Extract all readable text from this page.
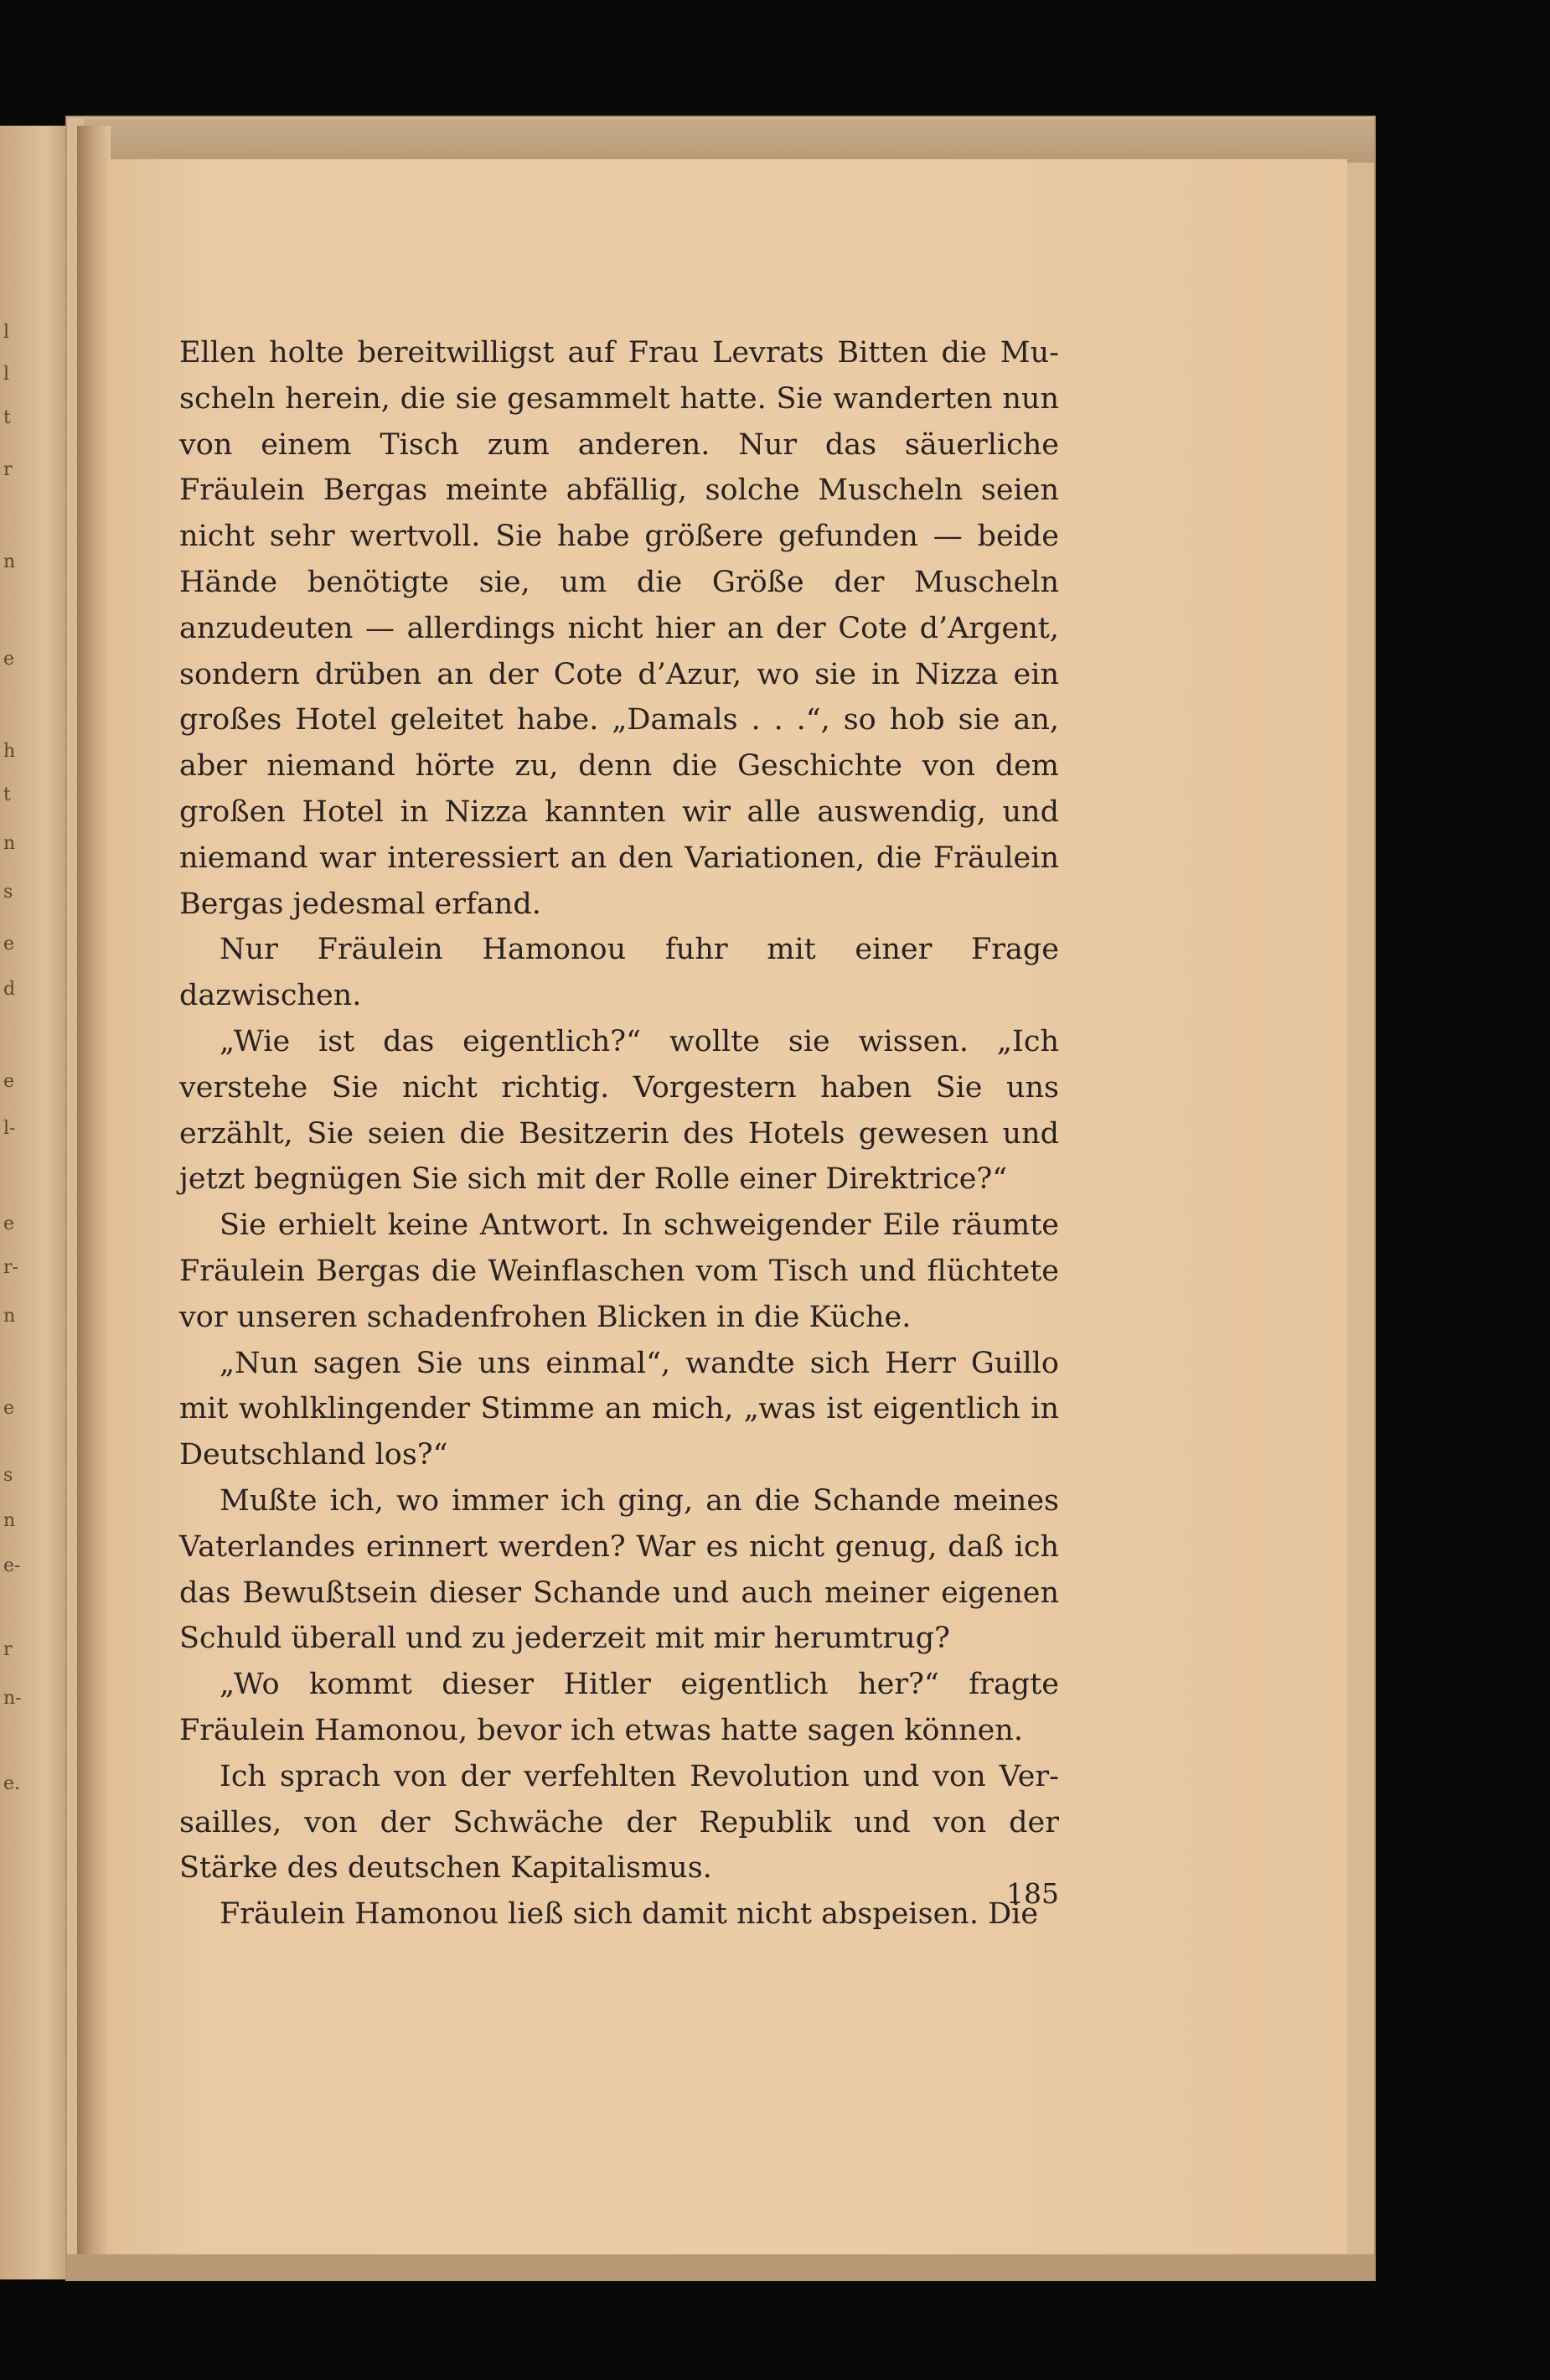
l
l
t
r
n
e
h
t
n
s
e
d
e
l-
e
r-
n
e
s
n
e-
r
n-
e.

Ellen holte bereitwilligst auf Frau Levrats Bitten die Muscheln herein, die sie gesammelt hatte. Sie wanderten nun von einem Tisch zum anderen. Nur das säuerliche Fräulein Bergas meinte abfällig, solche Muscheln seien nicht sehr wertvoll. Sie habe größere gefunden — beide Hände benötigte sie, um die Größe der Muscheln anzudeuten — allerdings nicht hier an der Cote d’Argent, sondern drüben an der Cote d’Azur, wo sie in Nizza ein großes Hotel geleitet habe. „Damals . . .“, so hob sie an, aber niemand hörte zu, denn die Geschichte von dem großen Hotel in Nizza kannten wir alle auswendig, und niemand war interessiert an den Variationen, die Fräulein Bergas jedesmal erfand.

Nur Fräulein Hamonou fuhr mit einer Frage dazwischen.

„Wie ist das eigentlich?“ wollte sie wissen. „Ich verstehe Sie nicht richtig. Vorgestern haben Sie uns erzählt, Sie seien die Besitzerin des Hotels gewesen und jetzt begnügen Sie sich mit der Rolle einer Direktrice?“

Sie erhielt keine Antwort. In schweigender Eile räumte Fräulein Bergas die Weinflaschen vom Tisch und flüchtete vor unseren schadenfrohen Blicken in die Küche.

„Nun sagen Sie uns einmal“, wandte sich Herr Guillo mit wohlklingender Stimme an mich, „was ist eigentlich in Deutschland los?“

Mußte ich, wo immer ich ging, an die Schande meines Vaterlandes erinnert werden? War es nicht genug, daß ich das Bewußtsein dieser Schande und auch meiner eigenen Schuld überall und zu jederzeit mit mir herumtrug?

„Wo kommt dieser Hitler eigentlich her?“ fragte Fräulein Hamonou, bevor ich etwas hatte sagen können.

Ich sprach von der verfehlten Revolution und von Versailles, von der Schwäche der Republik und von der Stärke des deutschen Kapitalismus.

Fräulein Hamonou ließ sich damit nicht abspeisen. Die

185
